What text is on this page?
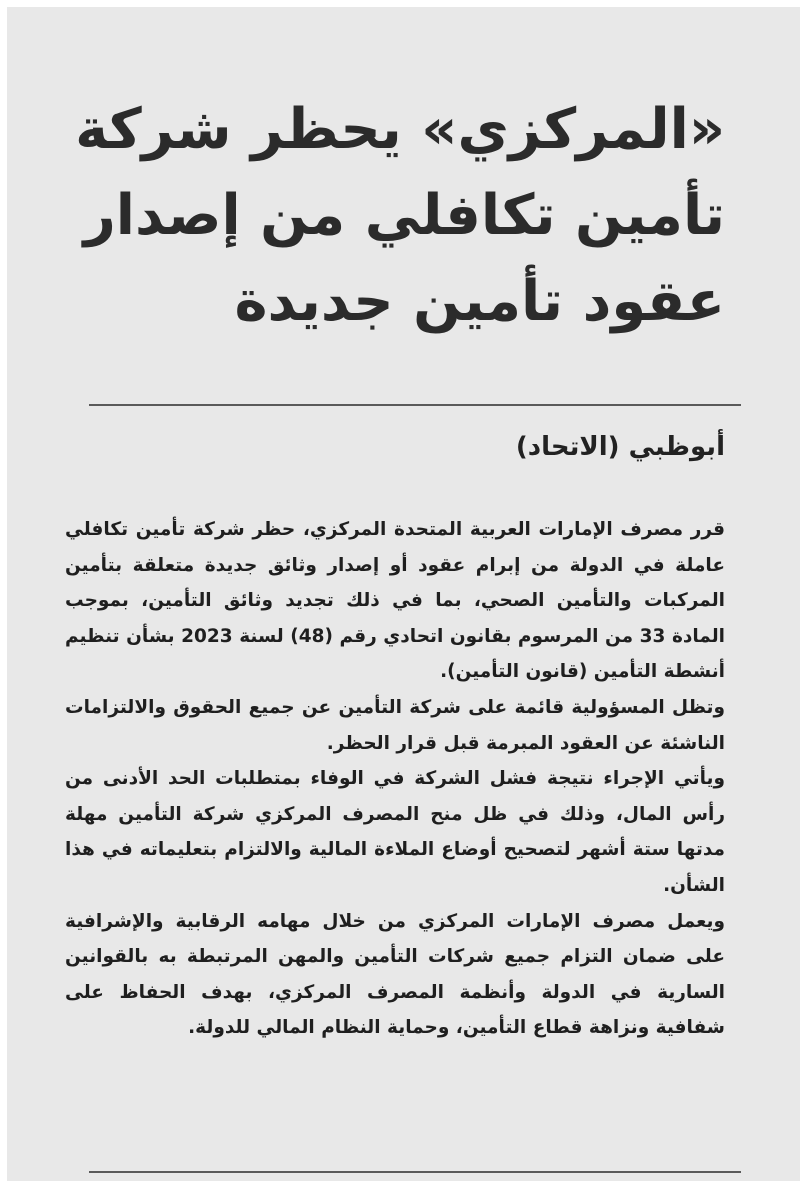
«المركزي» يحظر شركة تأمين تكافلي من إصدار عقود تأمين جديدة
أبوظبي (الاتحاد)

قرر مصرف الإمارات العربية المتحدة المركزي، حظر شركة تأمين تكافلي عاملة في الدولة من إبرام عقود أو إصدار وثائق جديدة متعلقة بتأمين المركبات والتأمين الصحي، بما في ذلك تجديد وثائق التأمين، بموجب المادة 33 من المرسوم بقانون اتحادي رقم (48) لسنة 2023 بشأن تنظيم أنشطة التأمين (قانون التأمين).

وتظل المسؤولية قائمة على شركة التأمين عن جميع الحقوق والالتزامات الناشئة عن العقود المبرمة قبل قرار الحظر.

ويأتي الإجراء نتيجة فشل الشركة في الوفاء بمتطلبات الحد الأدنى من رأس المال، وذلك في ظل منح المصرف المركزي شركة التأمين مهلة مدتها ستة أشهر لتصحيح أوضاع الملاءة المالية والالتزام بتعليماته في هذا الشأن.

ويعمل مصرف الإمارات المركزي من خلال مهامه الرقابية والإشرافية على ضمان التزام جميع شركات التأمين والمهن المرتبطة به بالقوانين السارية في الدولة وأنظمة المصرف المركزي، بهدف الحفاظ على شفافية ونزاهة قطاع التأمين، وحماية النظام المالي للدولة.
